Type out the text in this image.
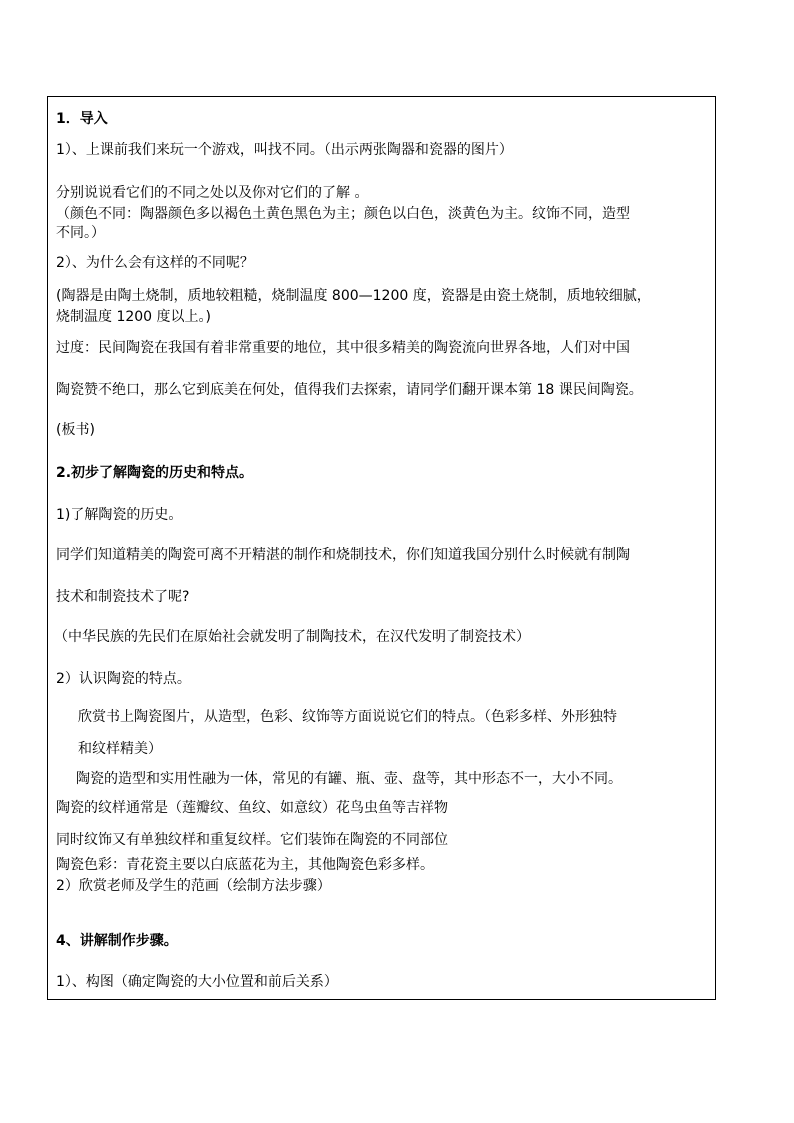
1．导入
1）、上课前我们来玩一个游戏，叫找不同。（出示两张陶器和瓷器的图片）
分别说说看它们的不同之处以及你对它们的了解 。
（颜色不同：陶器颜色多以褐色土黄色黑色为主；颜色以白色，淡黄色为主。纹饰不同，造型
不同。）
2）、为什么会有这样的不同呢？
(陶器是由陶土烧制，质地较粗糙，烧制温度 800—1200 度，瓷器是由瓷土烧制，质地较细腻，
烧制温度 1200 度以上。)
过度：民间陶瓷在我国有着非常重要的地位，其中很多精美的陶瓷流向世界各地，人们对中国
陶瓷赞不绝口，那么它到底美在何处，值得我们去探索，请同学们翻开课本第 18 课民间陶瓷。
(板书)
2.初步了解陶瓷的历史和特点。
1)了解陶瓷的历史。
同学们知道精美的陶瓷可离不开精湛的制作和烧制技术，你们知道我国分别什么时候就有制陶
技术和制瓷技术了呢?
（中华民族的先民们在原始社会就发明了制陶技术，在汉代发明了制瓷技术）
2）认识陶瓷的特点。
欣赏书上陶瓷图片，从造型，色彩、纹饰等方面说说它们的特点。（色彩多样、外形独特
和纹样精美）
陶瓷的造型和实用性融为一体，常见的有罐、瓶、壶、盘等，其中形态不一，大小不同。
陶瓷的纹样通常是（莲瓣纹、鱼纹、如意纹）花鸟虫鱼等吉祥物
同时纹饰又有单独纹样和重复纹样。它们装饰在陶瓷的不同部位
陶瓷色彩：青花瓷主要以白底蓝花为主，其他陶瓷色彩多样。
2）欣赏老师及学生的范画（绘制方法步骤）
4、讲解制作步骤。
1）、构图（确定陶瓷的大小位置和前后关系）
